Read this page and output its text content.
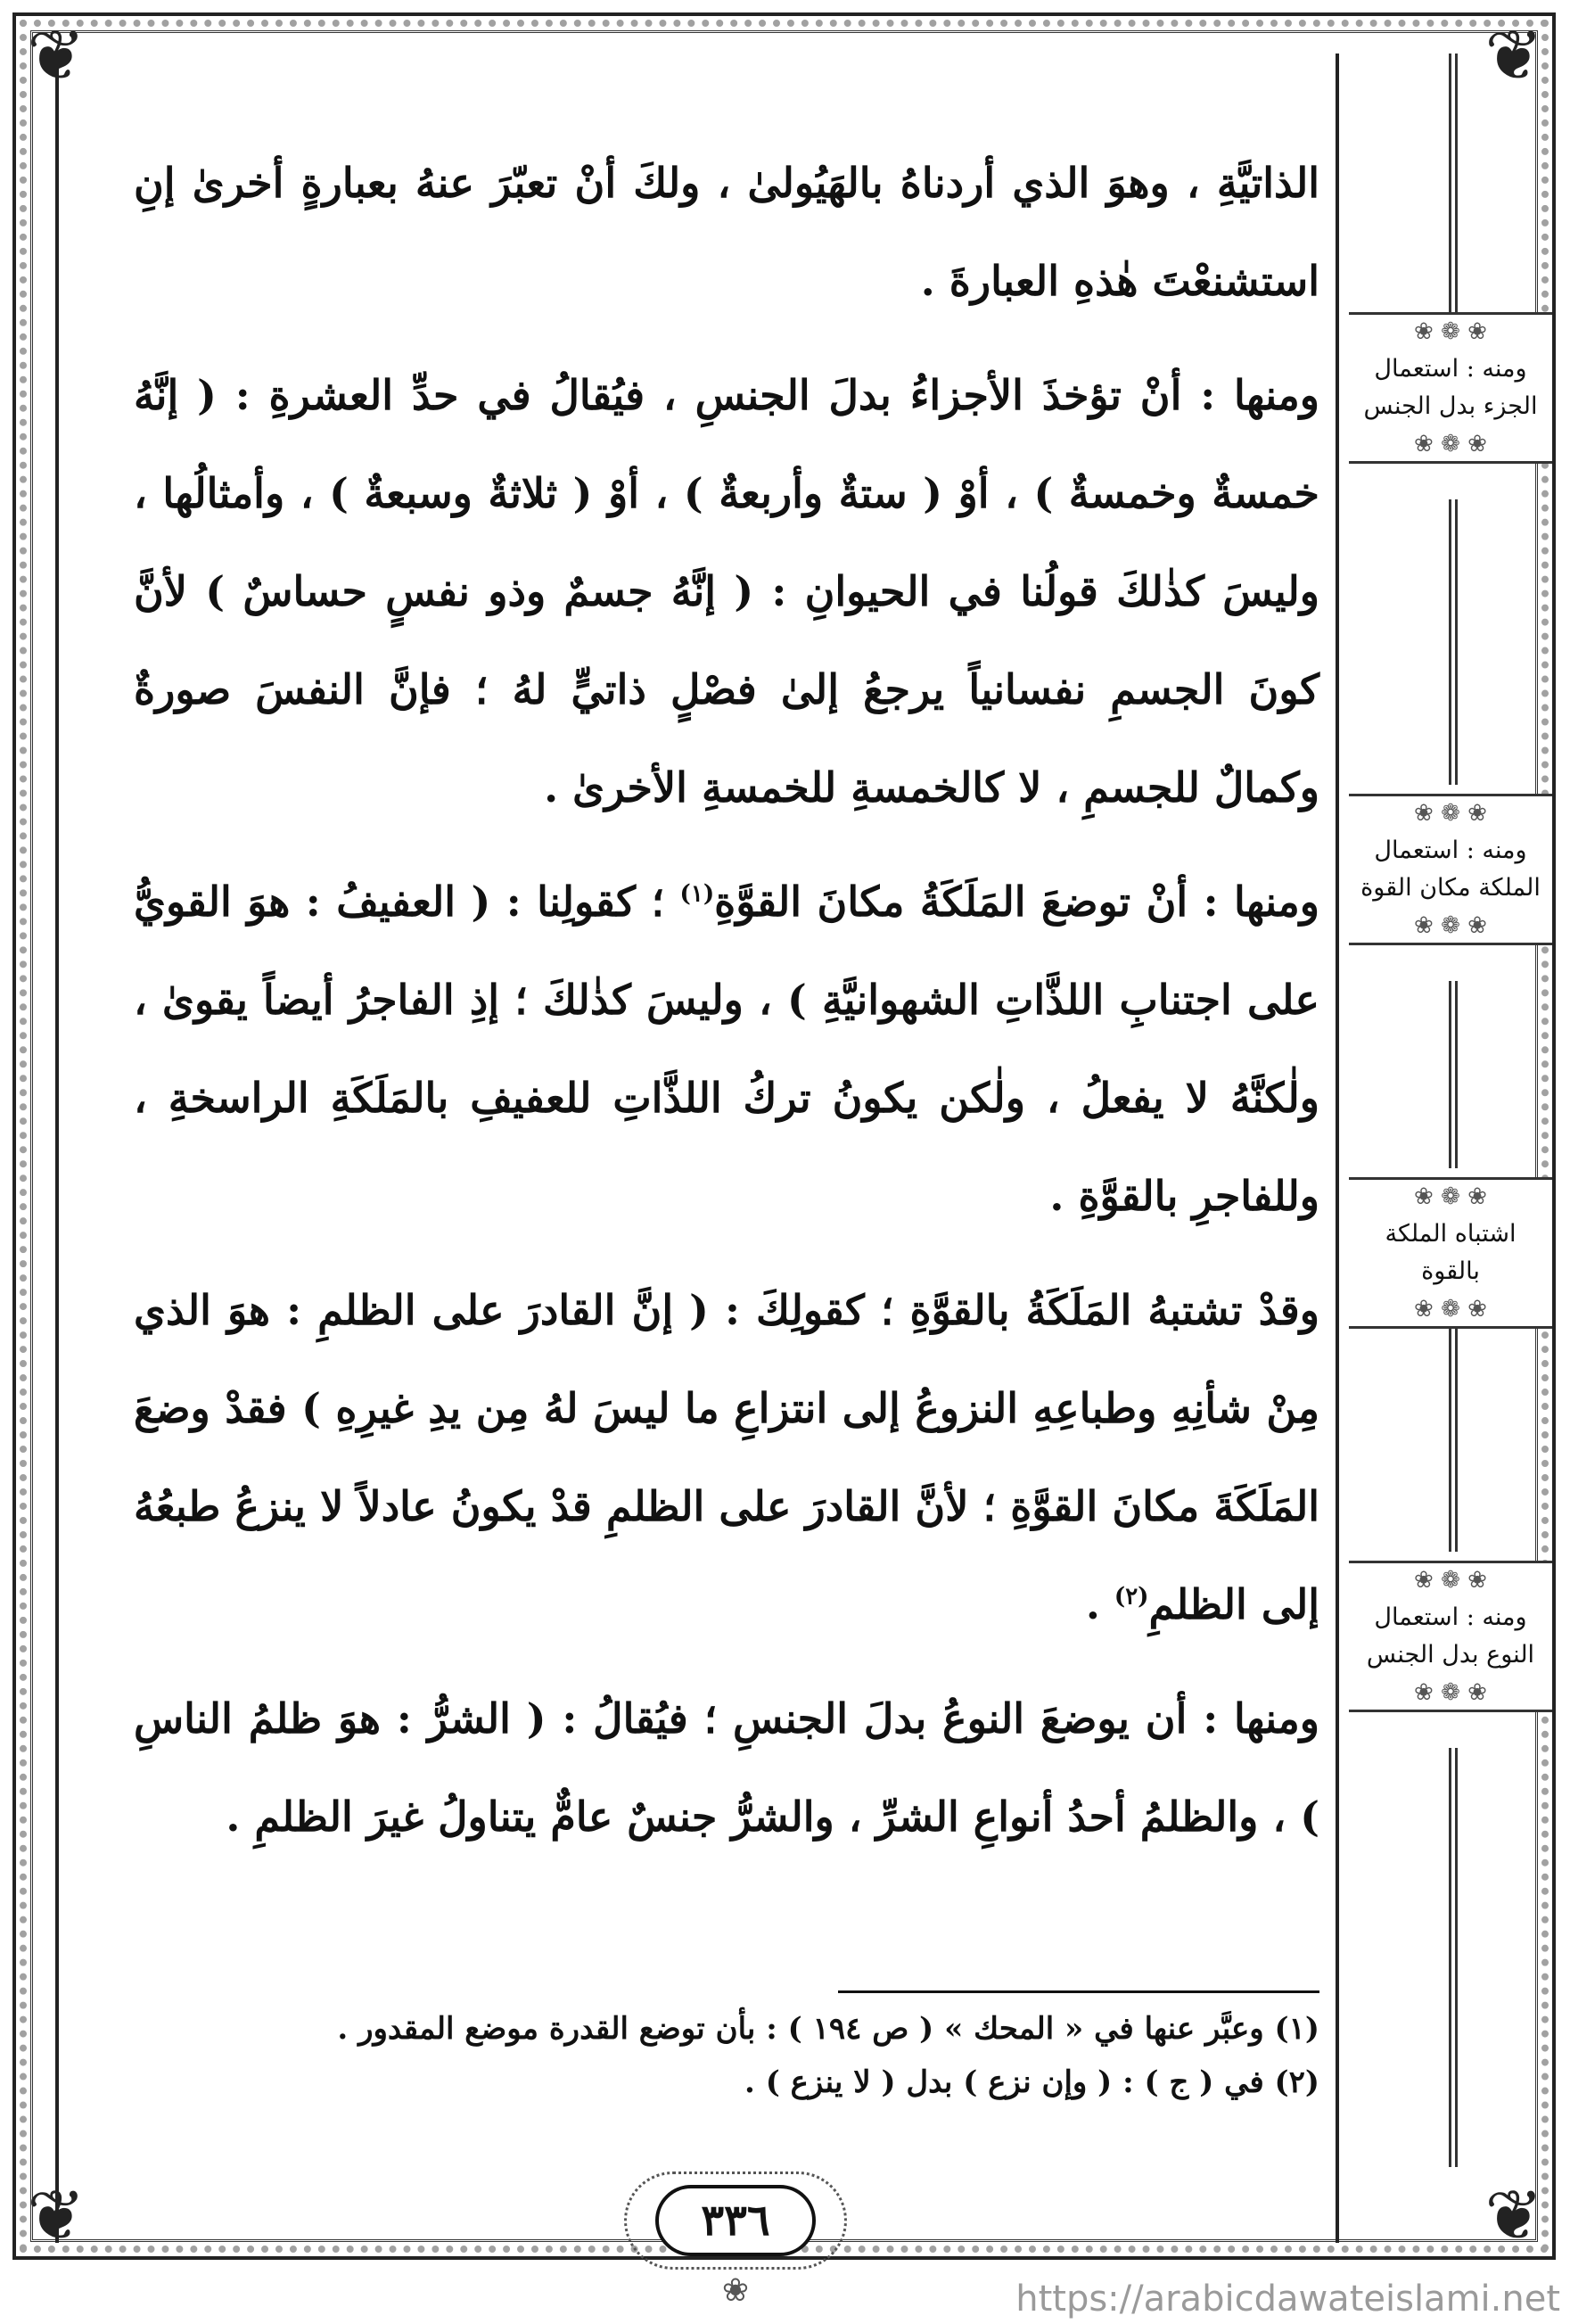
❦	❦
❦	❦

الذاتيَّةِ ، وهوَ الذي أردناهُ بالهَيُولىٰ ، ولكَ أنْ تعبّرَ عنهُ بعبارةٍ أخرىٰ إنِ استشنعْتَ هٰذهِ العبارةَ .

ومنها : أنْ تؤخذَ الأجزاءُ بدلَ الجنسِ ، فيُقالُ في حدِّ العشرةِ : ( إنَّهُ خمسةٌ وخمسةٌ ) ، أوْ ( ستةٌ وأربعةٌ ) ، أوْ ( ثلاثةٌ وسبعةٌ ) ، وأمثالُها ، وليسَ كذٰلكَ قولُنا في الحيوانِ : ( إنَّهُ جسمٌ وذو نفسٍ حساسٌ ) لأنَّ كونَ الجسمِ نفسانياً يرجعُ إلىٰ فصْلٍ ذاتيٍّ لهُ ؛ فإنَّ النفسَ صورةٌ وكمالٌ للجسمِ ، لا كالخمسةِ للخمسةِ الأخرىٰ .

ومنها : أنْ توضعَ المَلَكَةُ مكانَ القوَّةِ$^{(١)}$ ؛ كقولِنا : ( العفيفُ : هوَ القويُّ على اجتنابِ اللذَّاتِ الشهوانيَّةِ ) ، وليسَ كذٰلكَ ؛ إذِ الفاجرُ أيضاً يقوىٰ ، ولٰكنَّهُ لا يفعلُ ، ولٰكن يكونُ تركُ اللذَّاتِ للعفيفِ بالمَلَكَةِ الراسخةِ ، وللفاجرِ بالقوَّةِ .

وقدْ تشتبهُ المَلَكَةُ بالقوَّةِ ؛ كقولِكَ : ( إنَّ القادرَ على الظلمِ : هوَ الذي مِنْ شأنِهِ وطباعِهِ النزوعُ إلى انتزاعِ ما ليسَ لهُ مِن يدِ غيرِهِ ) فقدْ وضعَ المَلَكَةَ مكانَ القوَّةِ ؛ لأنَّ القادرَ على الظلمِ قدْ يكونُ عادلاً لا ينزعُ طبعُهُ إلى الظلمِ$^{(٢)}$ .

ومنها : أن يوضعَ النوعُ بدلَ الجنسِ ؛ فيُقالُ : ( الشرُّ : هوَ ظلمُ الناسِ ) ، والظلمُ أحدُ أنواعِ الشرِّ ، والشرُّ جنسٌ عامٌّ يتناولُ غيرَ الظلمِ .

❀ ❁ ❀ ومنه : استعمال الجزء بدل الجنس ❀ ❁ ❀
❀ ❁ ❀ ومنه : استعمال الملكة مكان القوة ❀ ❁ ❀
❀ ❁ ❀ اشتباه الملكة بالقوة ❀ ❁ ❀
❀ ❁ ❀ ومنه : استعمال النوع بدل الجنس ❀ ❁ ❀
(١) وعبَّر عنها في « المحك » ( ص ١٩٤ ) : بأن توضع القدرة موضع المقدور .
(٢) في ( ج ) : ( وإن نزع ) بدل ( لا ينزع ) .
٣٣٦
❀	https://arabicdawateislami.net
